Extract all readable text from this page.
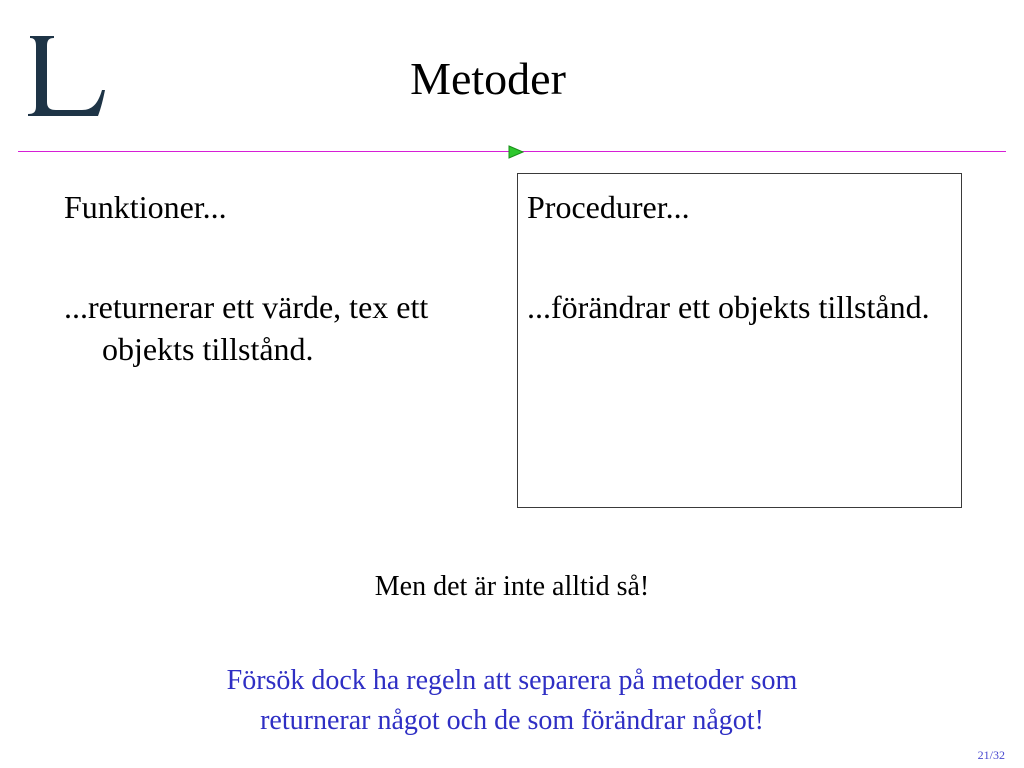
Metoder

Funktioner...

...returnerar ett värde, tex ett objekts tillstånd.

Procedurer...

...förändrar ett objekts tillstånd.

Men det är inte alltid så!
Försök dock ha regeln att separera på metoder som
returnerar något och de som förändrar något!
21/32
